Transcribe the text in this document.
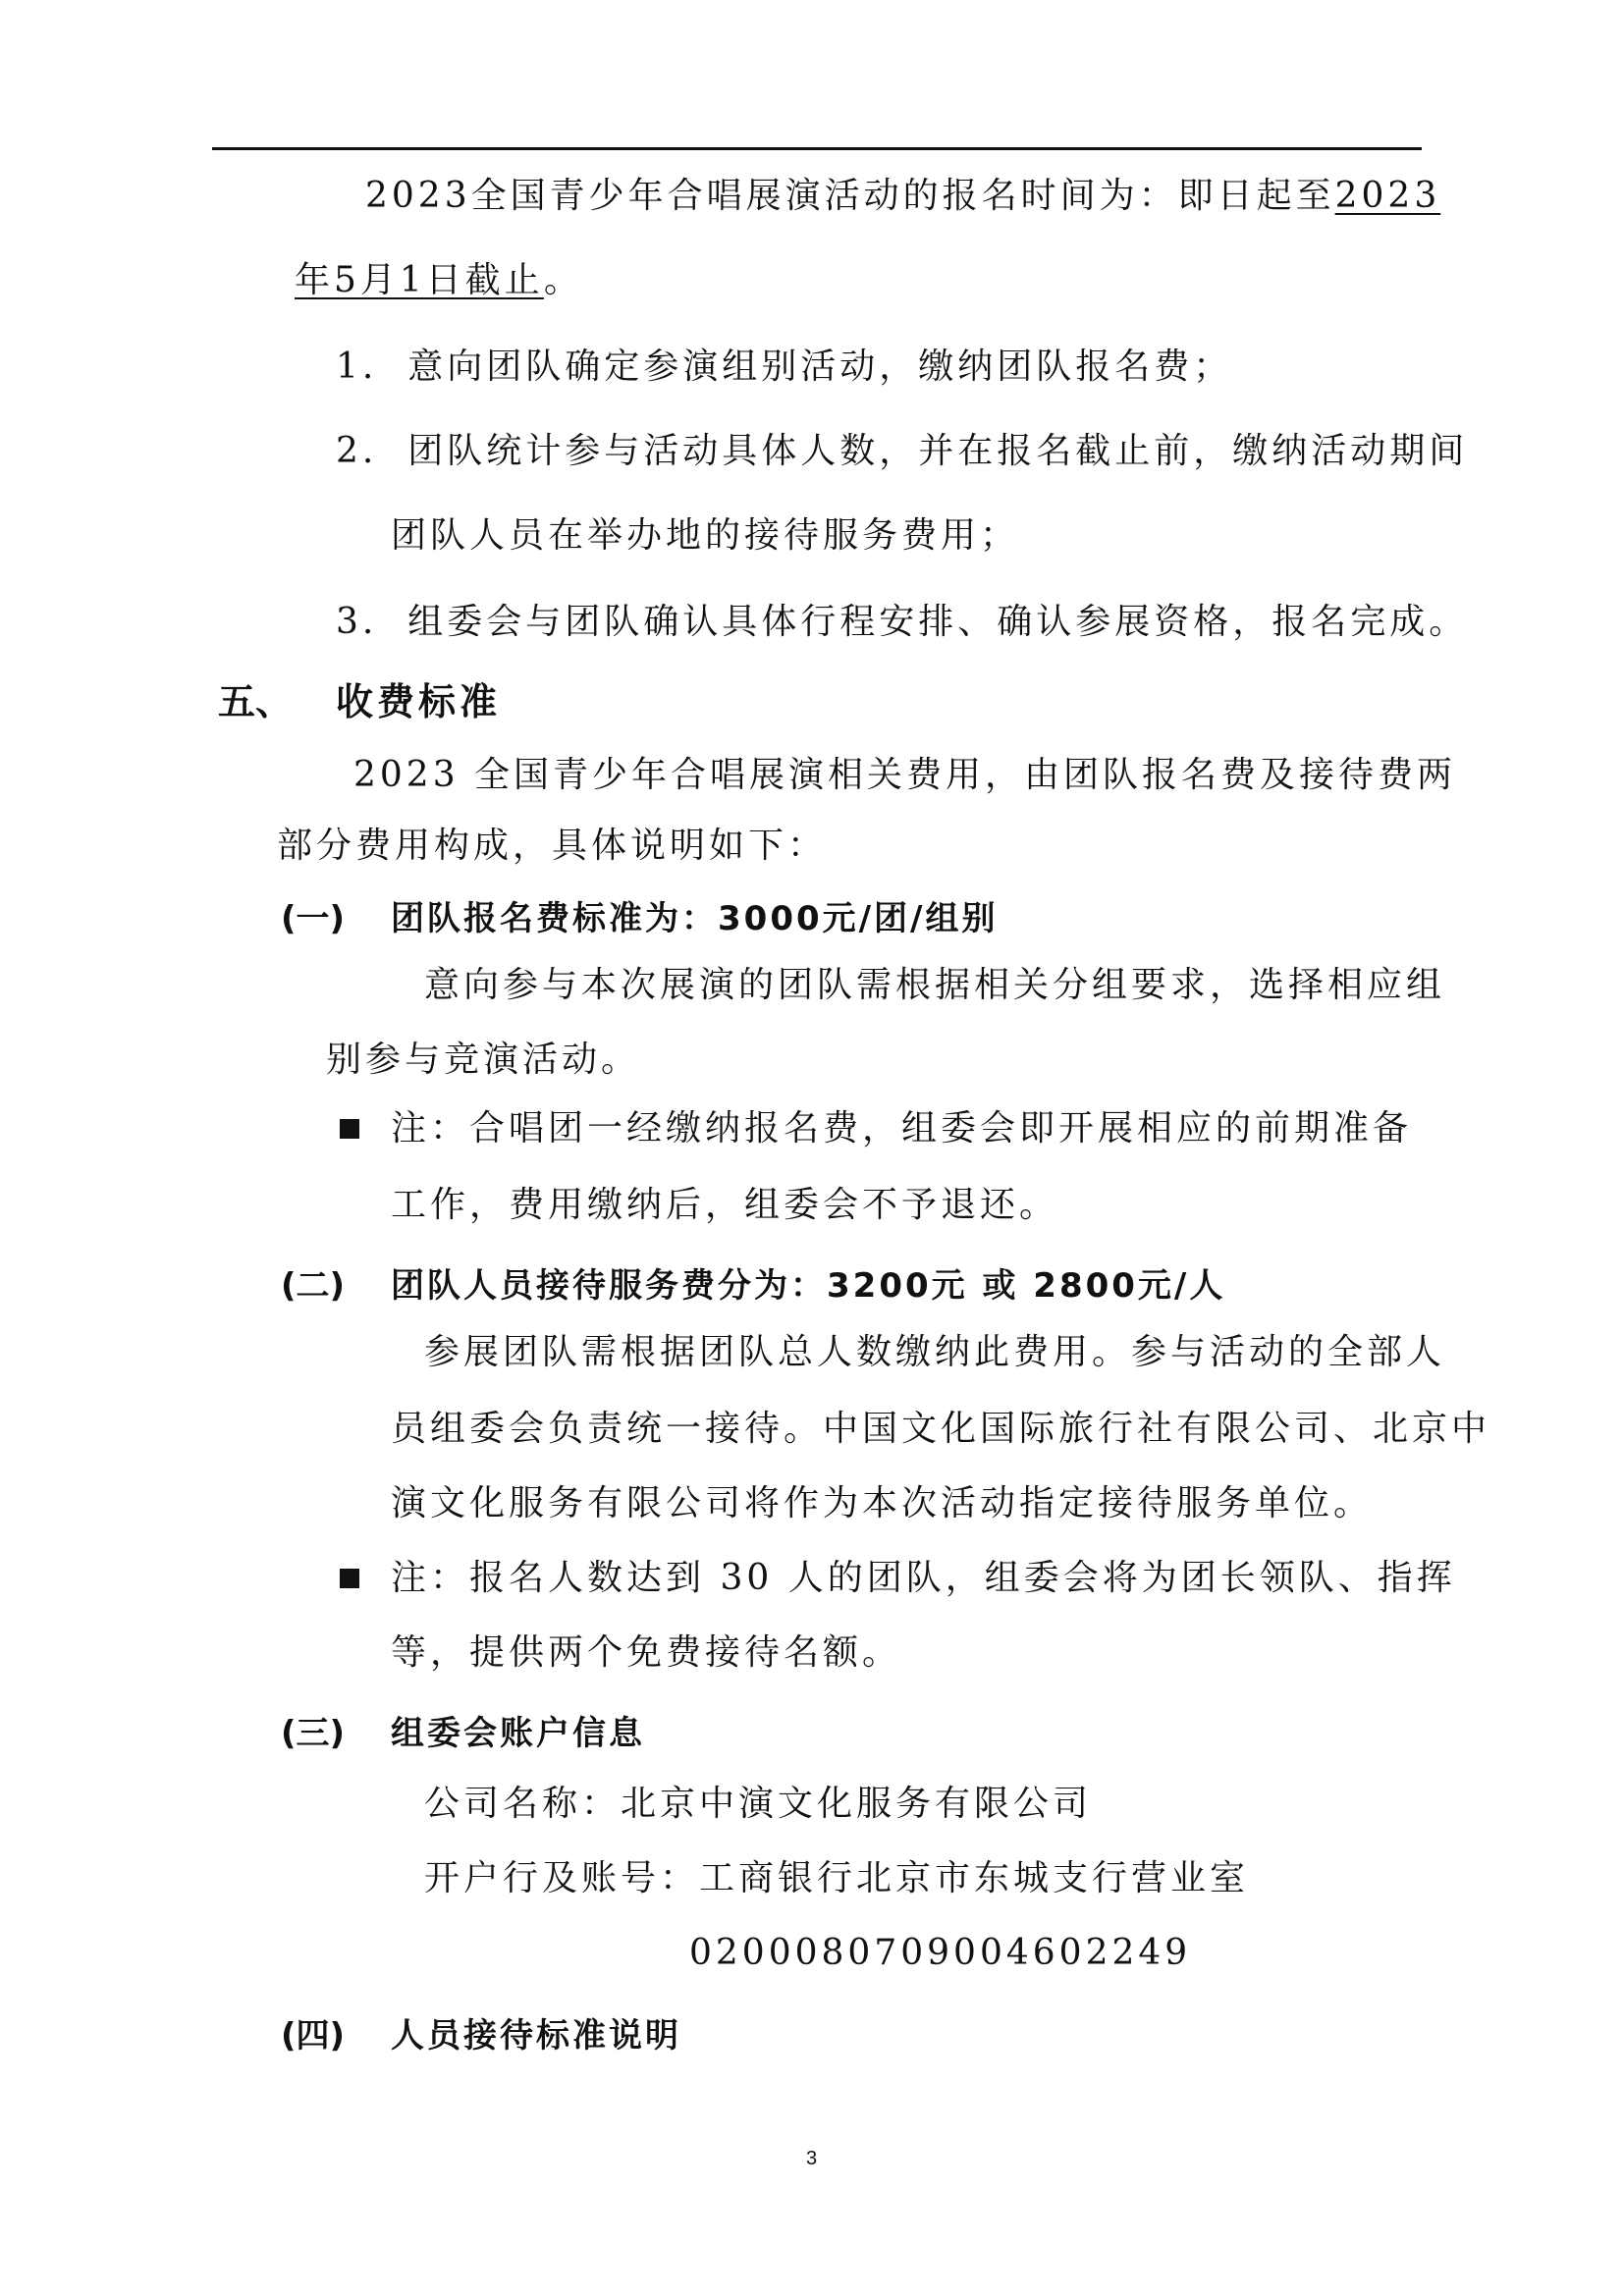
2023全国青少年合唱展演活动的报名时间为：即日起至2023
年5月1日截止。
1. 意向团队确定参演组别活动，缴纳团队报名费；
2. 团队统计参与活动具体人数，并在报名截止前，缴纳活动期间
团队人员在举办地的接待服务费用；
3. 组委会与团队确认具体行程安排、确认参展资格，报名完成。
五、 收费标准
2023 全国青少年合唱展演相关费用，由团队报名费及接待费两
部分费用构成，具体说明如下：
(一) 团队报名费标准为：3000元/团/组别
意向参与本次展演的团队需根据相关分组要求，选择相应组
别参与竞演活动。
注：合唱团一经缴纳报名费，组委会即开展相应的前期准备
工作，费用缴纳后，组委会不予退还。
(二) 团队人员接待服务费分为：3200元 或 2800元/人
参展团队需根据团队总人数缴纳此费用。参与活动的全部人
员组委会负责统一接待。中国文化国际旅行社有限公司、北京中
演文化服务有限公司将作为本次活动指定接待服务单位。
注：报名人数达到 30 人的团队，组委会将为团长领队、指挥
等，提供两个免费接待名额。
(三) 组委会账户信息
公司名称：北京中演文化服务有限公司
开户行及账号：工商银行北京市东城支行营业室
0200080709004602249
(四) 人员接待标准说明
3
